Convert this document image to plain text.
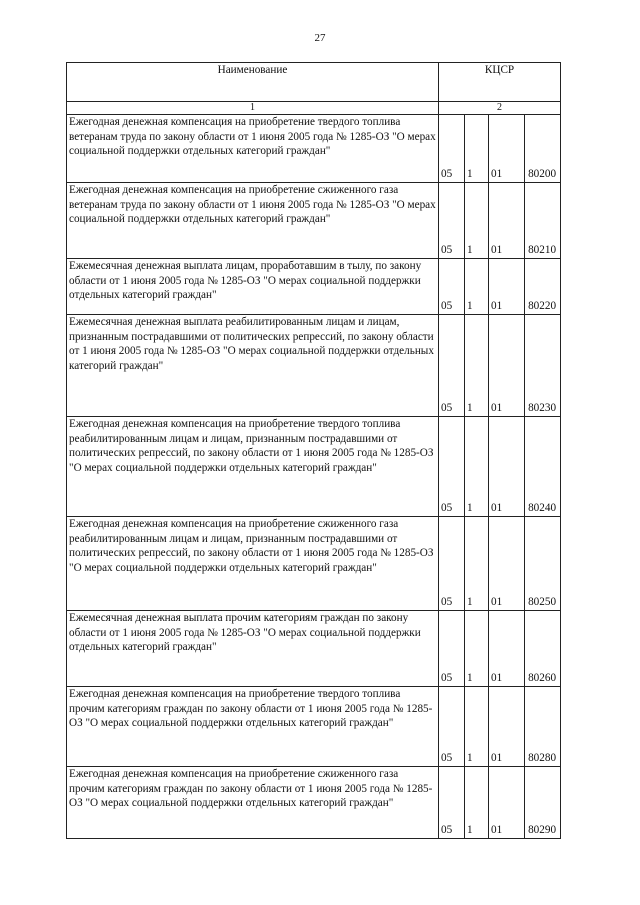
27
Наименование	КЦСР			
1	2			
Ежегодная денежная компенсация на приобретение твердого топлива ветеранам труда по закону области от 1 июня 2005 года № 1285-ОЗ "О мерах социальной поддержки отдельных категорий граждан"	05	1	01	80200
Ежегодная денежная компенсация на приобретение сжиженного газа ветеранам труда по закону области от 1 июня 2005 года № 1285-ОЗ "О мерах социальной поддержки отдельных категорий граждан"	05	1	01	80210
Ежемесячная денежная выплата лицам, проработавшим в тылу, по закону области от 1 июня 2005 года № 1285-ОЗ "О мерах социальной поддержки отдельных категорий граждан"	05	1	01	80220
Ежемесячная денежная выплата реабилитированным лицам и лицам, признанным пострадавшими от политических репрессий, по закону области от 1 июня 2005 года № 1285-ОЗ "О мерах социальной поддержки отдельных категорий граждан"	05	1	01	80230
Ежегодная денежная компенсация на приобретение твердого топлива реабилитированным лицам и лицам, признанным пострадавшими от политических репрессий, по закону области от 1 июня 2005 года № 1285-ОЗ "О мерах социальной поддержки отдельных категорий граждан"	05	1	01	80240
Ежегодная денежная компенсация на приобретение сжиженного газа реабилитированным лицам и лицам, признанным пострадавшими от политических репрессий, по закону области от 1 июня 2005 года № 1285-ОЗ "О мерах социальной поддержки отдельных категорий граждан"	05	1	01	80250
Ежемесячная денежная выплата прочим категориям граждан по закону области от 1 июня 2005 года № 1285-ОЗ "О мерах социальной поддержки отдельных категорий граждан"	05	1	01	80260
Ежегодная денежная компенсация на приобретение твердого топлива прочим категориям граждан по закону области от 1 июня 2005 года № 1285-ОЗ "О мерах социальной поддержки отдельных категорий граждан"	05	1	01	80280
Ежегодная денежная компенсация на приобретение сжиженного газа прочим категориям граждан по закону области от 1 июня 2005 года № 1285-ОЗ "О мерах социальной поддержки отдельных категорий граждан"	05	1	01	80290
